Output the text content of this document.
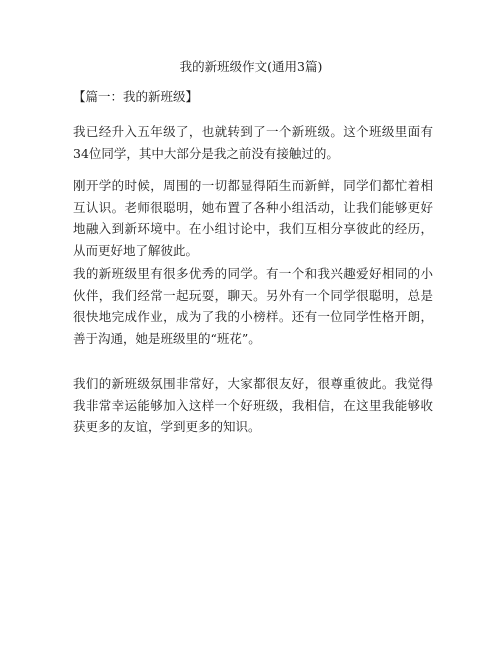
我的新班级作文(通用3篇)
【篇一：我的新班级】

我已经升入五年级了，也就转到了一个新班级。这个班级里面有34位同学，其中大部分是我之前没有接触过的。

刚开学的时候，周围的一切都显得陌生而新鲜，同学们都忙着相互认识。老师很聪明，她布置了各种小组活动，让我们能够更好地融入到新环境中。在小组讨论中，我们互相分享彼此的经历，从而更好地了解彼此。

我的新班级里有很多优秀的同学。有一个和我兴趣爱好相同的小伙伴，我们经常一起玩耍，聊天。另外有一个同学很聪明，总是很快地完成作业，成为了我的小榜样。还有一位同学性格开朗，善于沟通，她是班级里的“班花”。

我们的新班级氛围非常好，大家都很友好，很尊重彼此。我觉得我非常幸运能够加入这样一个好班级，我相信，在这里我能够收获更多的友谊，学到更多的知识。
